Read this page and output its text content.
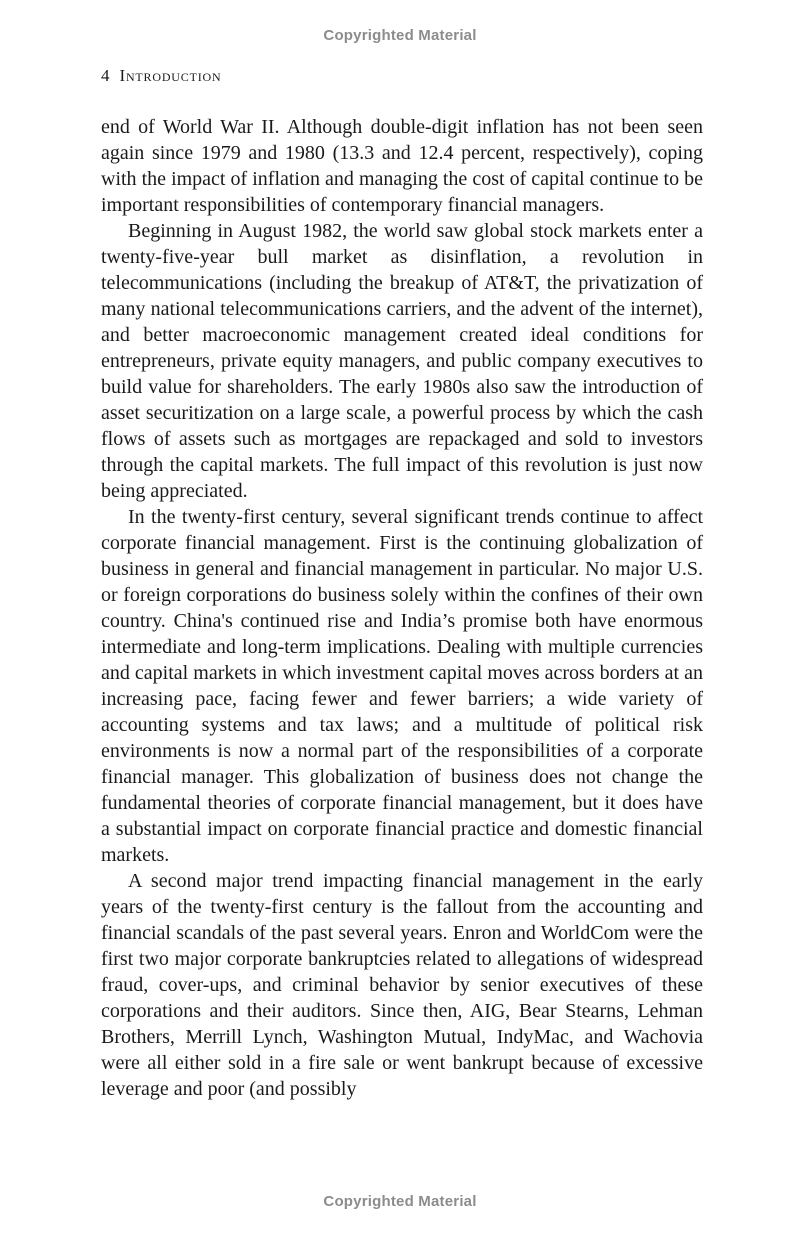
Copyrighted Material
4 Introduction

end of World War II. Although double-digit inflation has not been seen again since 1979 and 1980 (13.3 and 12.4 percent, respectively), coping with the impact of inflation and managing the cost of capital continue to be important responsibilities of contemporary financial managers.

Beginning in August 1982, the world saw global stock markets enter a twenty-five-year bull market as disinflation, a revolution in telecommunications (including the breakup of AT&T, the privatization of many national telecommunications carriers, and the advent of the internet), and better macroeconomic management created ideal conditions for entrepreneurs, private equity managers, and public company executives to build value for shareholders. The early 1980s also saw the introduction of asset securitization on a large scale, a powerful process by which the cash flows of assets such as mortgages are repackaged and sold to investors through the capital markets. The full impact of this revolution is just now being appreciated.

In the twenty-first century, several significant trends continue to affect corporate financial management. First is the continuing globalization of business in general and financial management in particular. No major U.S. or foreign corporations do business solely within the confines of their own country. China's continued rise and India’s promise both have enormous intermediate and long-term implications. Dealing with multiple currencies and capital markets in which investment capital moves across borders at an increasing pace, facing fewer and fewer barriers; a wide variety of accounting systems and tax laws; and a multitude of political risk environments is now a normal part of the responsibilities of a corporate financial manager. This globalization of business does not change the fundamental theories of corporate financial management, but it does have a substantial impact on corporate financial practice and domestic financial markets.

A second major trend impacting financial management in the early years of the twenty-first century is the fallout from the accounting and financial scandals of the past several years. Enron and WorldCom were the first two major corporate bankruptcies related to allegations of widespread fraud, cover-ups, and criminal behavior by senior executives of these corporations and their auditors. Since then, AIG, Bear Stearns, Lehman Brothers, Merrill Lynch, Washington Mutual, IndyMac, and Wachovia were all either sold in a fire sale or went bankrupt because of excessive leverage and poor (and possibly

Copyrighted Material
